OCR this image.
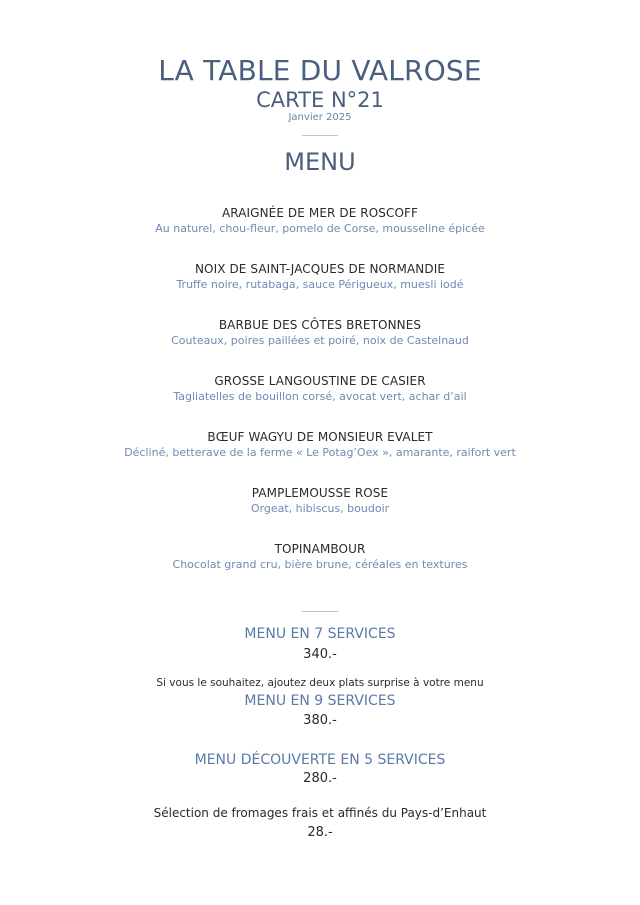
LA TABLE DU VALROSE
CARTE N°21
Janvier 2025
MENU
ARAIGNÉE DE MER DE ROSCOFF
Au naturel, chou-fleur, pomelo de Corse, mousseline épicée
NOIX DE SAINT-JACQUES DE NORMANDIE
Truffe noire, rutabaga, sauce Périgueux, muesli iodé
BARBUE DES CÔTES BRETONNES
Couteaux, poires paillées et poiré, noix de Castelnaud
GROSSE LANGOUSTINE DE CASIER
Tagliatelles de bouillon corsé, avocat vert, achar d’ail
BŒUF WAGYU DE MONSIEUR EVALET
Décliné, betterave de la ferme « Le Potag’Oex », amarante, raifort vert
PAMPLEMOUSSE ROSE
Orgeat, hibiscus, boudoir
TOPINAMBOUR
Chocolat grand cru, bière brune, céréales en textures
MENU EN 7 SERVICES
340.-
Si vous le souhaitez, ajoutez deux plats surprise à votre menu
MENU EN 9 SERVICES
380.-
MENU DÉCOUVERTE EN 5 SERVICES
280.-
Sélection de fromages frais et affinés du Pays-d’Enhaut
28.-
